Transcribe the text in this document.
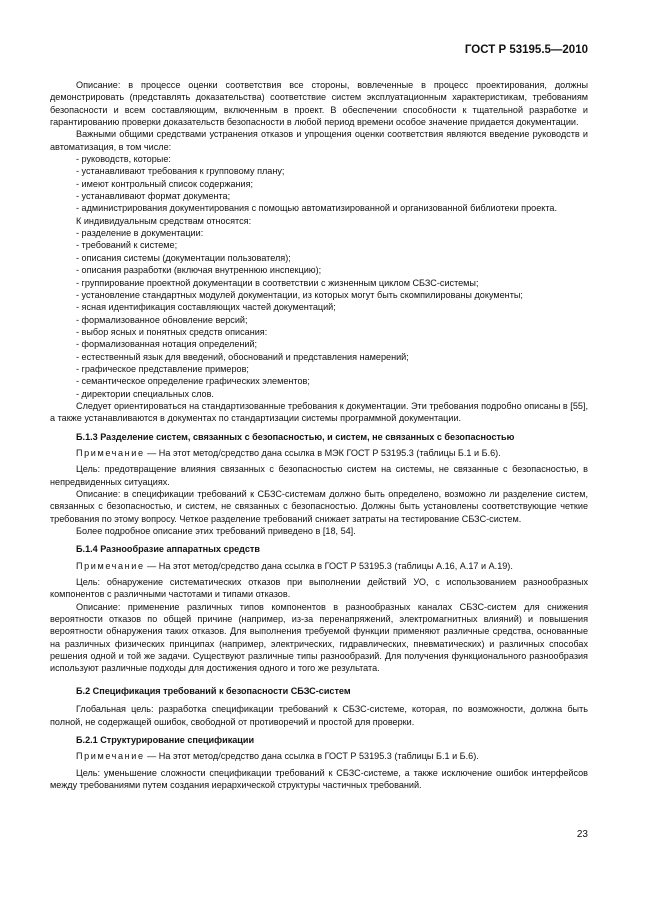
ГОСТ Р 53195.5—2010
Описание: в процессе оценки соответствия все стороны, вовлеченные в процесс проектирования, должны демонстрировать (представлять доказательства) соответствие систем эксплуатационным характеристикам, требованиям безопасности и всем составляющим, включенным в проект. В обеспечении способности к тщательной разработке и гарантированию проверки доказательств безопасности в любой период времени особое значение придается документации.
Важными общими средствами устранения отказов и упрощения оценки соответствия являются введение руководств и автоматизация, в том числе:
- руководств, которые:
- устанавливают требования к групповому плану;
- имеют контрольный список содержания;
- устанавливают формат документа;
- администрирования документирования с помощью автоматизированной и организованной библиотеки проекта.
К индивидуальным средствам относятся:
- разделение в документации:
- требований к системе;
- описания системы (документации пользователя);
- описания разработки (включая внутреннюю инспекцию);
- группирование проектной документации в соответствии с жизненным циклом СБЗС-системы;
- установление стандартных модулей документации, из которых могут быть скомпилированы документы;
- ясная идентификация составляющих частей документаций;
- формализованное обновление версий;
- выбор ясных и понятных средств описания:
- формализованная нотация определений;
- естественный язык для введений, обоснований и представления намерений;
- графическое представление примеров;
- семантическое определение графических элементов;
- директории специальных слов.
Следует ориентироваться на стандартизованные требования к документации. Эти требования подробно описаны в [55], а также устанавливаются в документах по стандартизации системы программной документации.
Б.1.3 Разделение систем, связанных с безопасностью, и систем, не связанных с безопасностью
Примечание — На этот метод/средство дана ссылка в МЭК ГОСТ Р 53195.3 (таблицы Б.1 и Б.6).
Цель: предотвращение влияния связанных с безопасностью систем на системы, не связанные с безопасностью, в непредвиденных ситуациях.
Описание: в спецификации требований к СБЗС-системам должно быть определено, возможно ли разделение систем, связанных с безопасностью, и систем, не связанных с безопасностью. Должны быть установлены соответствующие четкие требования по этому вопросу. Четкое разделение требований снижает затраты на тестирование СБЗС-систем.
Более подробное описание этих требований приведено в [18, 54].
Б.1.4 Разнообразие аппаратных средств
Примечание — На этот метод/средство дана ссылка в ГОСТ Р 53195.3 (таблицы А.16, А.17 и А.19).
Цель: обнаружение систематических отказов при выполнении действий УО, с использованием разнообразных компонентов с различными частотами и типами отказов.
Описание: применение различных типов компонентов в разнообразных каналах СБЗС-систем для снижения вероятности отказов по общей причине (например, из-за перенапряжений, электромагнитных влияний) и повышения вероятности обнаружения таких отказов. Для выполнения требуемой функции применяют различные средства, основанные на различных физических принципах (например, электрических, гидравлических, пневматических) и различных способах решения одной и той же задачи. Существуют различные типы разнообразий. Для получения функционального разнообразия используют различные подходы для достижения одного и того же результата.
Б.2 Спецификация требований к безопасности СБЗС-систем
Глобальная цель: разработка спецификации требований к СБЗС-системе, которая, по возможности, должна быть полной, не содержащей ошибок, свободной от противоречий и простой для проверки.
Б.2.1 Структурирование спецификации
Примечание — На этот метод/средство дана ссылка в ГОСТ Р 53195.3 (таблицы Б.1 и Б.6).
Цель: уменьшение сложности спецификации требований к СБЗС-системе, а также исключение ошибок интерфейсов между требованиями путем создания иерархической структуры частичных требований.
23
